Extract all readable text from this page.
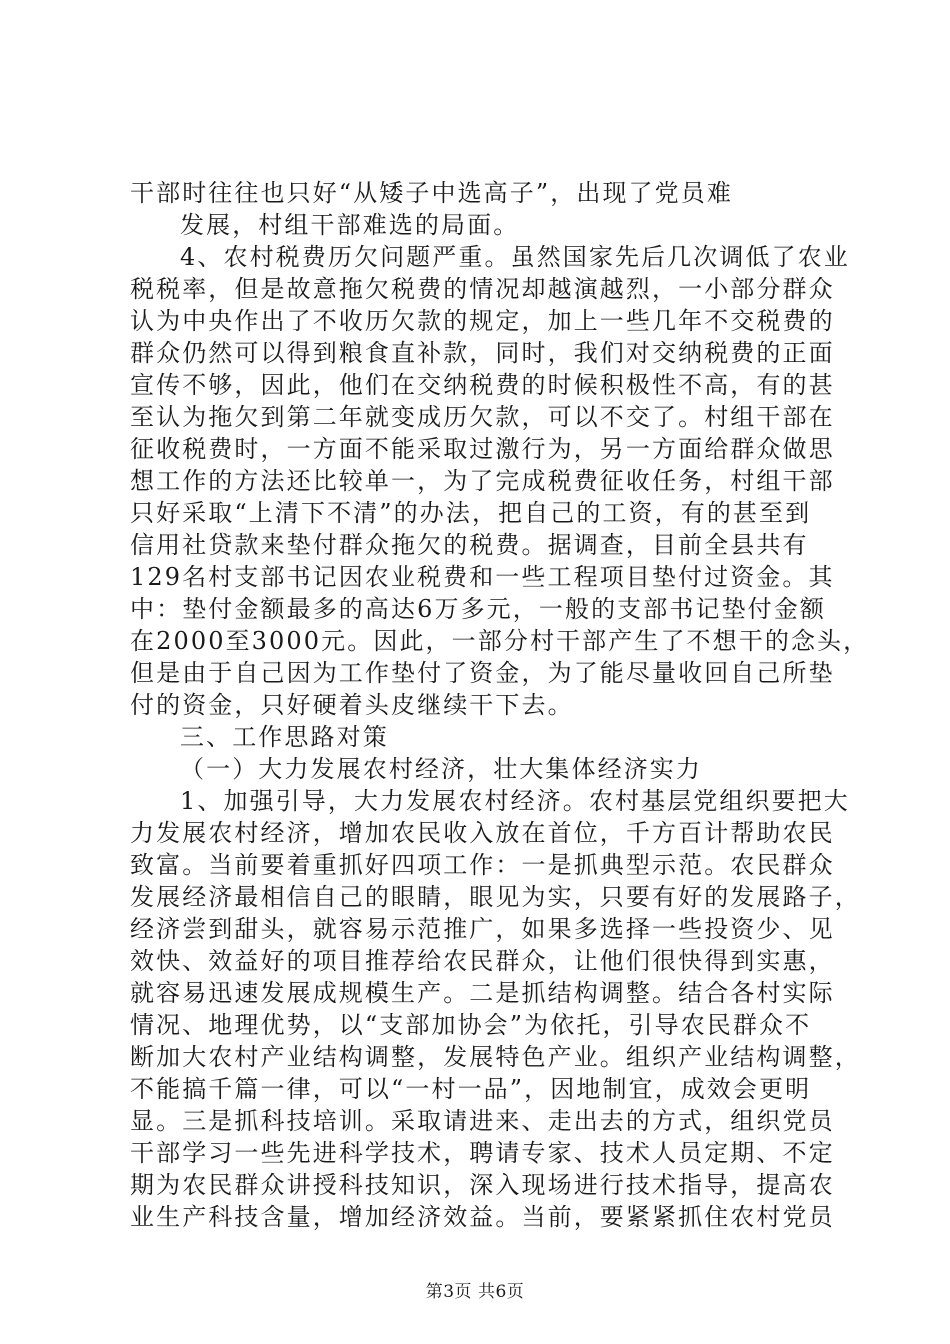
干部时往往也只好“从矮子中选高子”，出现了党员难
发展，村组干部难选的局面。
4、农村税费历欠问题严重。虽然国家先后几次调低了农业
税税率，但是故意拖欠税费的情况却越演越烈，一小部分群众
认为中央作出了不收历欠款的规定，加上一些几年不交税费的
群众仍然可以得到粮食直补款，同时，我们对交纳税费的正面
宣传不够，因此，他们在交纳税费的时候积极性不高，有的甚
至认为拖欠到第二年就变成历欠款，可以不交了。村组干部在
征收税费时，一方面不能采取过激行为，另一方面给群众做思
想工作的方法还比较单一，为了完成税费征收任务，村组干部
只好采取“上清下不清”的办法，把自己的工资，有的甚至到
信用社贷款来垫付群众拖欠的税费。据调查，目前全县共有
129名村支部书记因农业税费和一些工程项目垫付过资金。其
中：垫付金额最多的高达6万多元，一般的支部书记垫付金额
在2000至3000元。因此，一部分村干部产生了不想干的念头，
但是由于自己因为工作垫付了资金，为了能尽量收回自己所垫
付的资金，只好硬着头皮继续干下去。
三、工作思路对策
（一）大力发展农村经济，壮大集体经济实力
1、加强引导，大力发展农村经济。农村基层党组织要把大
力发展农村经济，增加农民收入放在首位，千方百计帮助农民
致富。当前要着重抓好四项工作：一是抓典型示范。农民群众
发展经济最相信自己的眼睛，眼见为实，只要有好的发展路子，
经济尝到甜头，就容易示范推广，如果多选择一些投资少、见
效快、效益好的项目推荐给农民群众，让他们很快得到实惠，
就容易迅速发展成规模生产。二是抓结构调整。结合各村实际
情况、地理优势，以“支部加协会”为依托，引导农民群众不
断加大农村产业结构调整，发展特色产业。组织产业结构调整，
不能搞千篇一律，可以“一村一品”，因地制宜，成效会更明
显。三是抓科技培训。采取请进来、走出去的方式，组织党员
干部学习一些先进科学技术，聘请专家、技术人员定期、不定
期为农民群众讲授科技知识，深入现场进行技术指导，提高农
业生产科技含量，增加经济效益。当前，要紧紧抓住农村党员
第3页 共6页
